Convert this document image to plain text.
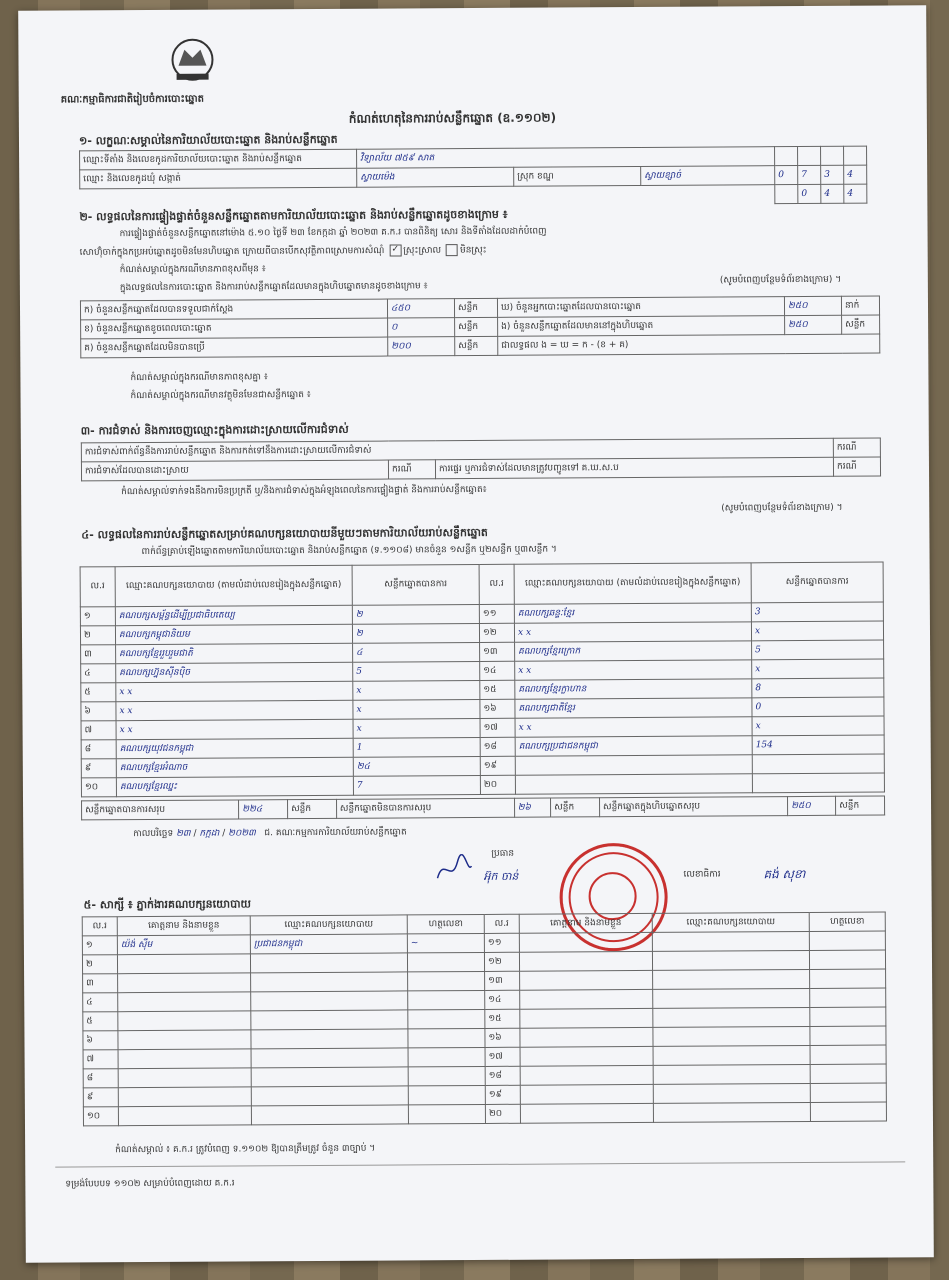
គណៈកម្មាធិការជាតិរៀបចំការបោះឆ្នោត
កំណត់ហេតុនៃការរាប់សន្លឹកឆ្នោត (ឧ.១១០២)
១- លក្ខណៈសម្គាល់នៃការិយាល័យបោះឆ្នោត និងរាប់សន្លឹកឆ្នោត
ឈ្មោះទីតាំង និងលេខកូដការិយាល័យបោះឆ្នោត និងរាប់សន្លឹកឆ្នោត	វិទ្យាល័យ ៧៥៩ សាត						
ឈ្មោះ និងលេខកូដឃុំ សង្កាត់	ស្វាយម៉េង	ស្រុក ខណ្ឌ	ស្វាយខ្សាច់	0	7	3	4
					0	4	4
២- លទ្ធផលនៃការផ្ទៀងផ្ទាត់ចំនួនសន្លឹកឆ្នោតតាមការិយាល័យបោះឆ្នោត និងរាប់សន្លឹកឆ្នោតដូចខាងក្រោម ៖
ការផ្ទៀងផ្ទាត់ចំនួនសន្លឹកឆ្នោតនៅម៉ោង ៥.១០ ថ្ងៃទី ២៣ ខែកក្កដា ឆ្នាំ ២០២៣ គ.ក.រ បានពិនិត្យ សោរ និងទីតាំងដែលដាក់បំពេញ
សោហ៊ុំចាក់ក្នុងកប្រអប់ឆ្នោតដូចមិនមែនហិបឆ្នោត ក្រោយពីបានបើកសុវត្ថិភាពស្រោមការសំណុំ ✓ ស្រុះស្រាល មិនស្រុះ
កំណត់សម្គាល់ក្នុងករណីមានភាពខុសពីមុន ៖
ក្នុងលទ្ធផលនៃការបោះឆ្នោត និងការរាប់សន្លឹកឆ្នោតដែលមានក្នុងហិបឆ្នោតមានដូចខាងក្រោម ៖
(សូមបំពេញបន្ថែមទំព័រខាងក្រោម) ។
ក) ចំនួនសន្លឹកឆ្នោតដែលបានទទួលជាក់ស្តែង	៤៥០	សន្លឹក	ឃ) ចំនួនអ្នកបោះឆ្នោតដែលបានបោះឆ្នោត	២៥០	នាក់
ខ) ចំនួនសន្លឹកឆ្នោតខូចពេលបោះឆ្នោត	០	សន្លឹក	ង) ចំនួនសន្លឹកឆ្នោតដែលមាននៅក្នុងហិបឆ្នោត	២៥០	សន្លឹក
គ) ចំនួនសន្លឹកឆ្នោតដែលមិនបានប្រើ	២០០	សន្លឹក	ជាលទ្ធផល ង = ឃ = ក - (ខ + គ)		
កំណត់សម្គាល់ក្នុងករណីមានភាពខុសគ្នា ៖
កំណត់សម្គាល់ក្នុងករណីមានវត្ថុមិនមែនជាសន្លឹកឆ្នោត ៖
៣- ការជំទាស់ និងការចេញឈ្មោះក្នុងការដោះស្រាយលើការជំទាស់
ការជំទាស់ពាក់ព័ន្ធនឹងការរាប់សន្លឹកឆ្នោត និងការកត់ទៅនឹងការដោះស្រាយលើការជំទាស់			ករណី
ការជំទាស់ដែលបានដោះស្រាយ	ករណី	ការផ្ទេរ ឬការជំទាស់ដែលមានត្រូវបញ្ជូនទៅ គ.ឃ.ស.ប	ករណី
កំណត់សម្គាល់ទាក់ទងនឹងការមិនប្រក្រតី ឬ/និងការជំទាស់ក្នុងអំឡុងពេលនៃការផ្ទៀងផ្ទាត់ និងការរាប់សន្លឹកឆ្នោត៖
(សូមបំពេញបន្ថែមទំព័រខាងក្រោម) ។
៤- លទ្ធផលនៃការរាប់សន្លឹកឆ្នោតសម្រាប់គណបក្សនយោបាយនីមួយៗតាមការិយាល័យរាប់សន្លឹកឆ្នោត
ពាក់ព័ន្ធគ្រាប់ឡើងឆ្នោតតាមការិយាល័យបោះឆ្នោត និងរាប់សន្លឹកឆ្នោត (ទ.១១០៨) មានចំនួន ១សន្លឹក ឬ២សន្លឹក ឬ៣សន្លឹក ។
ល.រ	ឈ្មោះគណបក្សនយោបាយ (តាមលំដាប់លេខរៀងក្នុងសន្លឹកឆ្នោត)	សន្លឹកឆ្នោតបានការ	ល.រ	ឈ្មោះគណបក្សនយោបាយ (តាមលំដាប់លេខរៀងក្នុងសន្លឹកឆ្នោត)	សន្លឹកឆ្នោតបានការ
១	គណបក្សសម្ព័ន្ធដើម្បីប្រជាធិបតេយ្យ	២	១១	គណបក្សឆន្ទៈខ្មែរ	3
២	គណបក្សកម្ពុជានិយម	២	១២	x x	x
៣	គណបក្សខ្មែររួបរួមជាតិ	៤	១៣	គណបក្សខ្មែរក្រោក	5
៤	គណបក្សហ្វ៊ុនស៊ីនប៉ិច	5	១៤	x x	x
៥	x x	x	១៥	គណបក្សខ្មែរក្លាហាន	8
៦	x x	x	១៦	គណបក្សជាតិខ្មែរ	0
៧	x x	x	១៧	x x	x
៨	គណបក្សយុវជនកម្ពុជា	1	១៨	គណបក្សប្រជាជនកម្ពុជា	154
៩	គណបក្សខ្មែរអំណាច	២៤	១៩		
១០	គណបក្សខ្មែរឈ្នះ	7	២០		
សន្លឹកឆ្នោតបានការសរុប	២២៤	សន្លឹក	សន្លឹកឆ្នោតមិនបានការសរុប	២៦	សន្លឹក	សន្លឹកឆ្នោតក្នុងហិបឆ្នោតសរុប	២៥០	សន្លឹក
កាលបរិច្ឆេទ ២៣ / កក្កដា / ២០២៣ ជ. គណៈកម្មការការិយាល័យរាប់សន្លឹកឆ្នោត
ប្រធាន
អ៊ុក ចាន់	លេខាធិការ	គង់ សុខា
៥- សាក្សី ៖ ភ្នាក់ងារគណបក្សនយោបាយ
ល.រ	គោត្តនាម និងនាមខ្លួន	ឈ្មោះគណបក្សនយោបាយ	ហត្ថលេខា	ល.រ	គោត្តនាម និងនាមខ្លួន	ឈ្មោះគណបក្សនយោបាយ	ហត្ថលេខា
១	យ៉ង់ ស៊ឹម	ប្រជាជនកម្ពុជា	~	១១			
២				១២			
៣				១៣			
៤				១៤			
៥				១៥			
៦				១៦			
៧				១៧			
៨				១៨			
៩				១៩			
១០				២០			
កំណត់សម្គាល់ ៖ គ.ក.រ ត្រូវបំពេញ ទ.១១០២ ឱ្យបានត្រឹមត្រូវ ចំនួន ៣ច្បាប់ ។
ទម្រង់បែបបទ ១១០២ សម្រាប់បំពេញដោយ គ.ក.រ
